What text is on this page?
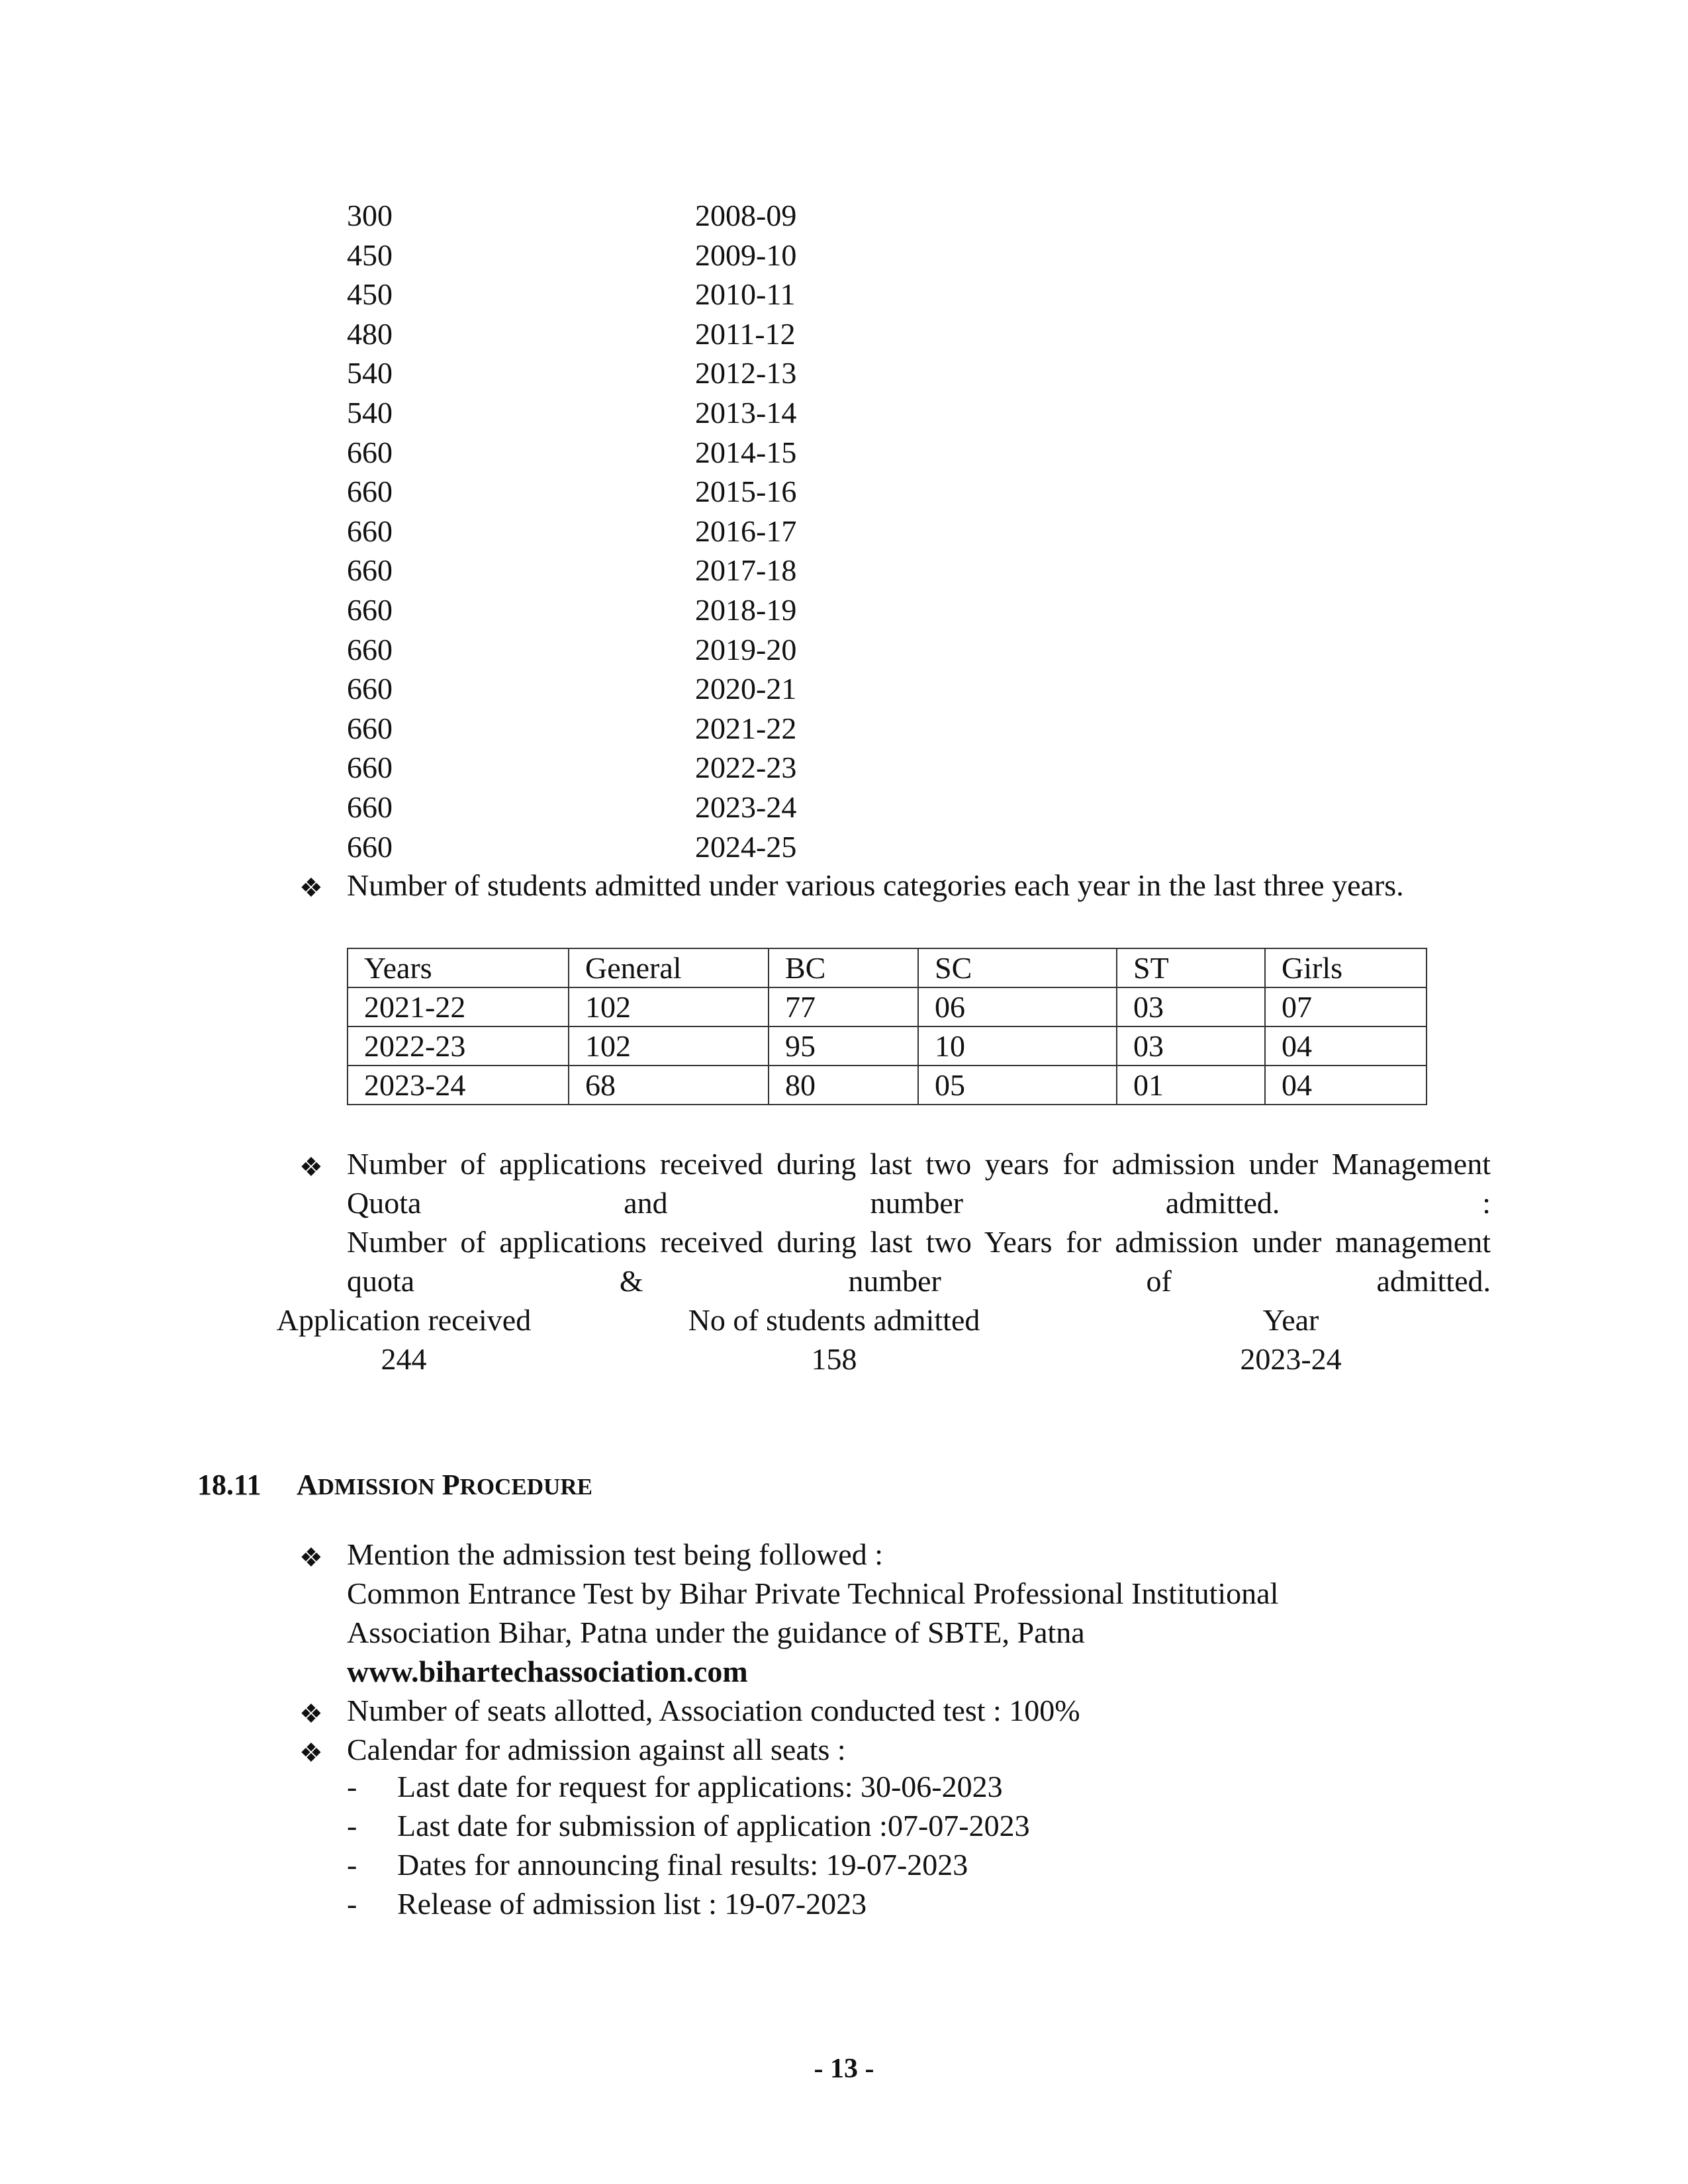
300	2008-09
450	2009-10
450	2010-11
480	2011-12
540	2012-13
540	2013-14
660	2014-15
660	2015-16
660	2016-17
660	2017-18
660	2018-19
660	2019-20
660	2020-21
660	2021-22
660	2022-23
660	2023-24
660	2024-25
❖ Number of students admitted under various categories each year in the last three years.
Years	General	BC	SC	ST	Girls
2021-22	102	77	06	03	07
2022-23	102	95	10	03	04
2023-24	68	80	05	01	04
❖ Number of applications received during last two years for admission under Management Quota and number admitted. :
Number of applications received during last two Years for admission under management quota & number of admitted.
Application received	No of students admitted	Year
244	158	2023-24
18.11 ADMISSION PROCEDURE
❖ Mention the admission test being followed :
Common Entrance Test by Bihar Private Technical Professional Institutional
Association Bihar, Patna under the guidance of SBTE, Patna
www.bihartechassociation.com
❖ Number of seats allotted, Association conducted test : 100%
❖ Calendar for admission against all seats :
- Last date for request for applications: 30-06-2023
- Last date for submission of application :07-07-2023
- Dates for announcing final results: 19-07-2023
- Release of admission list : 19-07-2023
- 13 -
